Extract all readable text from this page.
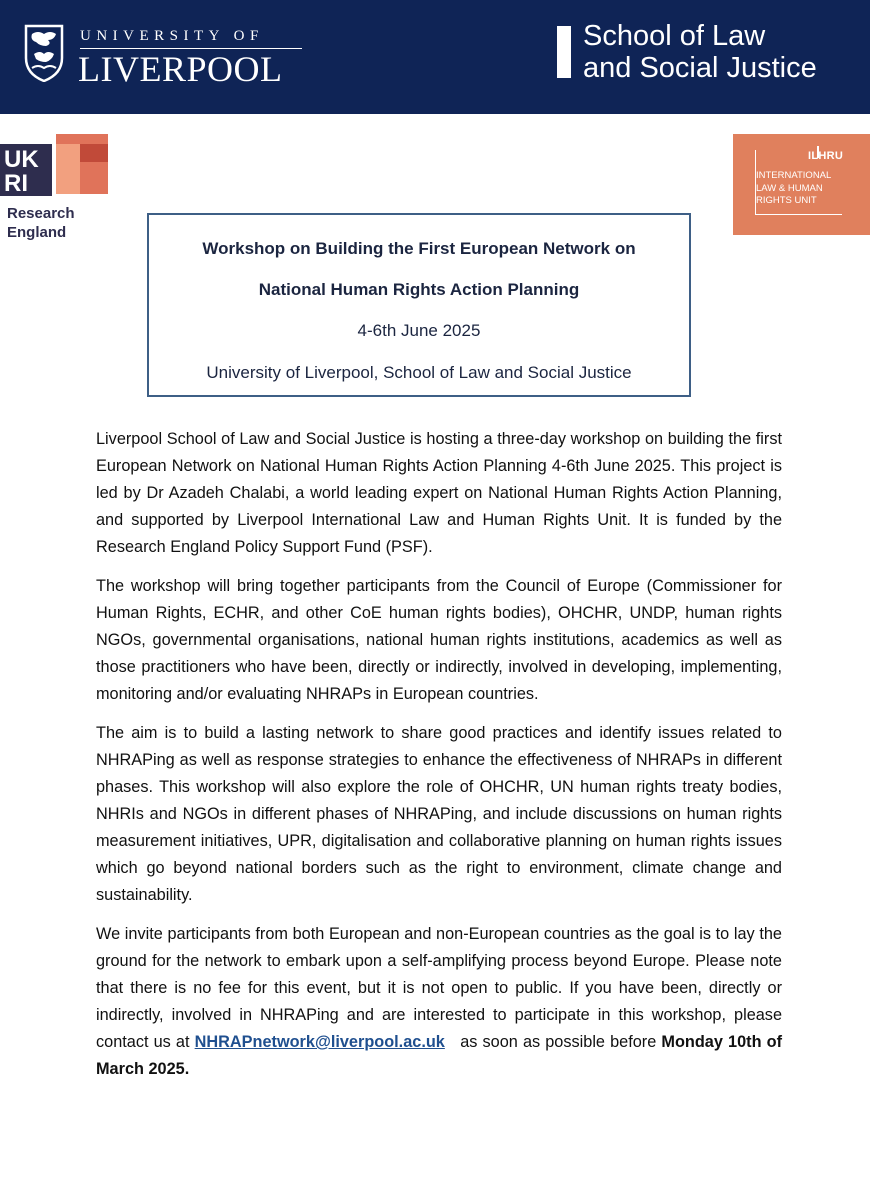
UNIVERSITY OF
LIVERPOOL
School of Law
and Social Justice
UK
RI
Research
England
ILHRU
INTERNATIONAL
LAW & HUMAN
RIGHTS UNIT
Workshop on Building the First European Network on
National Human Rights Action Planning
4-6th June 2025
University of Liverpool, School of Law and Social Justice

Liverpool School of Law and Social Justice is hosting a three-day workshop on building the first European Network on National Human Rights Action Planning 4-6th June 2025. This project is led by Dr Azadeh Chalabi, a world leading expert on National Human Rights Action Planning, and supported by Liverpool International Law and Human Rights Unit. It is funded by the Research England Policy Support Fund (PSF).

The workshop will bring together participants from the Council of Europe (Commissioner for Human Rights, ECHR, and other CoE human rights bodies), OHCHR, UNDP, human rights NGOs, governmental organisations, national human rights institutions, academics as well as those practitioners who have been, directly or indirectly, involved in developing, implementing, monitoring and/or evaluating NHRAPs in European countries.

The aim is to build a lasting network to share good practices and identify issues related to NHRAPing as well as response strategies to enhance the effectiveness of NHRAPs in different phases. This workshop will also explore the role of OHCHR, UN human rights treaty bodies, NHRIs and NGOs in different phases of NHRAPing, and include discussions on human rights measurement initiatives, UPR, digitalisation and collaborative planning on human rights issues which go beyond national borders such as the right to environment, climate change and sustainability.

We invite participants from both European and non-European countries as the goal is to lay the ground for the network to embark upon a self-amplifying process beyond Europe. Please note that there is no fee for this event, but it is not open to public. If you have been, directly or indirectly, involved in NHRAPing and are interested to participate in this workshop, please contact us at NHRAPnetwork@liverpool.ac.uk as soon as possible before Monday 10th of March 2025.
